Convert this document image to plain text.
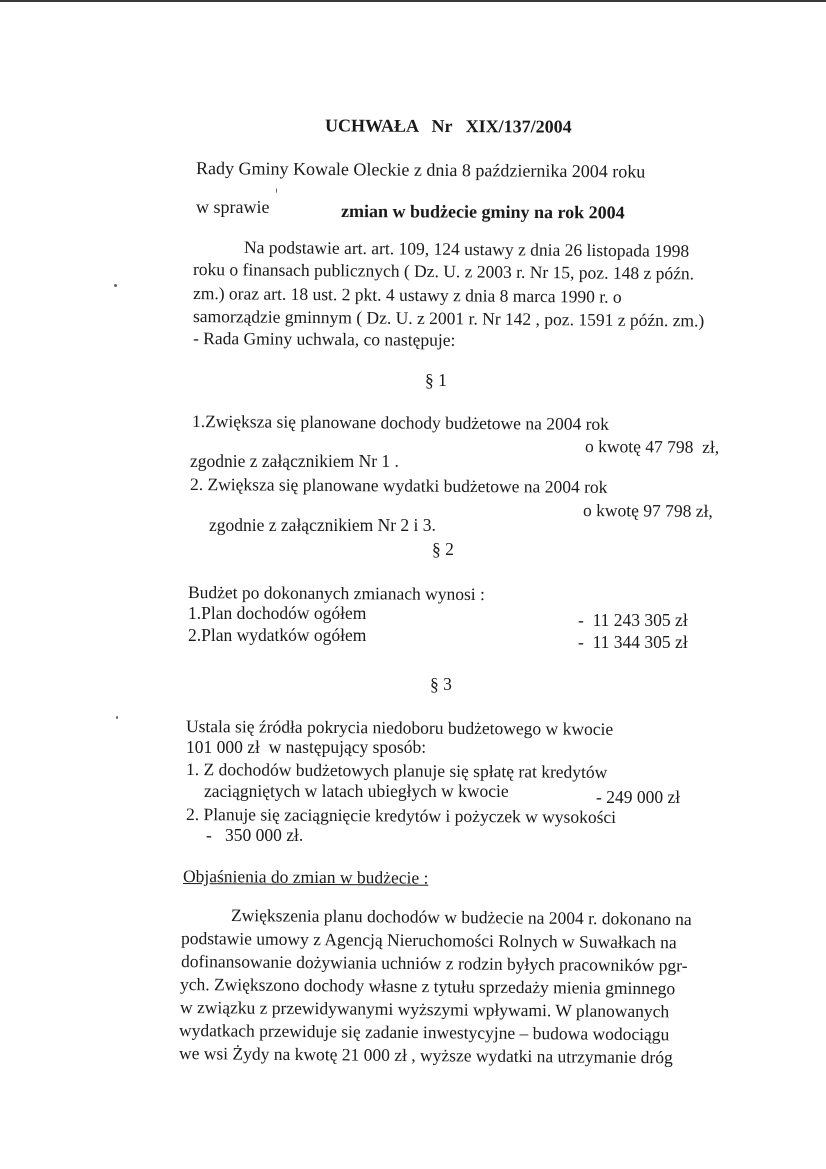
UCHWAŁA   Nr   XIX/137/2004
Rady Gminy Kowale Oleckie z dnia 8 października 2004 roku
w sprawie	zmian w budżecie gminy na rok 2004
Na podstawie art. art. 109, 124 ustawy z dnia 26 listopada 1998
roku o finansach publicznych ( Dz. U. z 2003 r. Nr 15, poz. 148 z późn.
zm.) oraz art. 18 ust. 2 pkt. 4 ustawy z dnia 8 marca 1990 r. o
samorządzie gminnym ( Dz. U. z 2001 r. Nr 142 , poz. 1591 z późn. zm.)
- Rada Gminy uchwala, co następuje:
§ 1
1.Zwiększa się planowane dochody budżetowe na 2004 rok
o kwotę 47 798  zł,
zgodnie z załącznikiem Nr 1 .
2. Zwiększa się planowane wydatki budżetowe na 2004 rok
o kwotę 97 798 zł,
zgodnie z załącznikiem Nr 2 i 3.
§ 2
Budżet po dokonanych zmianach wynosi :
1.Plan dochodów ogółem	-  11 243 305 zł
2.Plan wydatków ogółem	-  11 344 305 zł
§ 3
Ustala się źródła pokrycia niedoboru budżetowego w kwocie
101 000 zł  w następujący sposób:
1. Z dochodów budżetowych planuje się spłatę rat kredytów
zaciągniętych w latach ubiegłych w kwocie	- 249 000 zł
2. Planuje się zaciągnięcie kredytów i pożyczek w wysokości
-   350 000 zł.
Objaśnienia do zmian w budżecie :
Zwiększenia planu dochodów w budżecie na 2004 r. dokonano na
podstawie umowy z Agencją Nieruchomości Rolnych w Suwałkach na
dofinansowanie dożywiania uchniów z rodzin byłych pracowników pgr-
ych. Zwiększono dochody własne z tytułu sprzedaży mienia gminnego
w związku z przewidywanymi wyższymi wpływami. W planowanych
wydatkach przewiduje się zadanie inwestycyjne – budowa wodociągu
we wsi Żydy na kwotę 21 000 zł , wyższe wydatki na utrzymanie dróg
